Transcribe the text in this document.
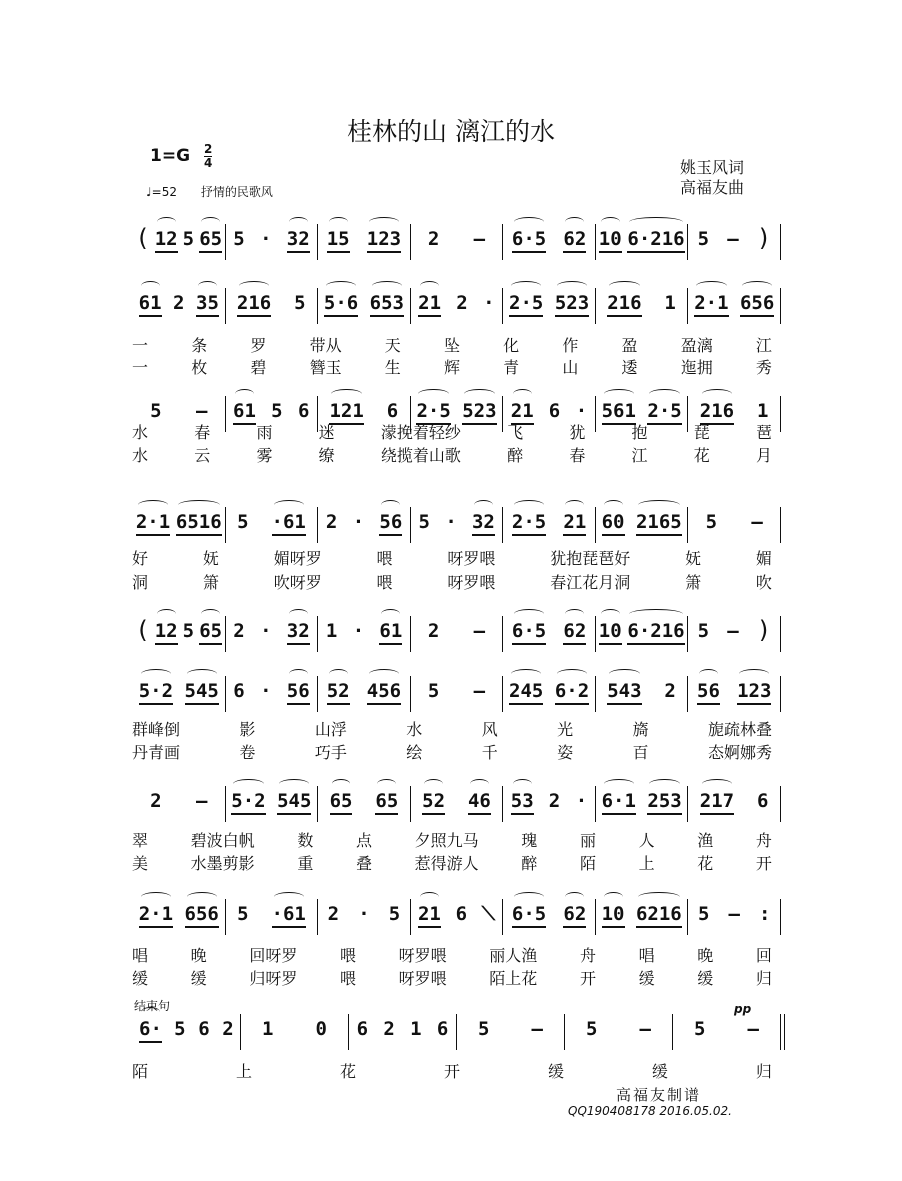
桂林的山 漓江的水
1=G 2
4
♩=52 抒情的民歌风
姚玉风词
高福友曲
( 12 5 65 5 · 32 15 123 2 – 6·5 62 10 6·216 5 – )
61 2 35 216 5 5·6 653 21 2 · 2·5 523 216 1 2·1 656
5 – 61 5 6 121 6 2·5 523 21 6 · 561 2·5 216 1
2·1 6516 5 ·61 2 · 56 5 · 32 2·5 21 60 2165 5 –
( 12 5 65 2 · 32 1 · 61 2 – 6·5 62 10 6·216 5 – )
5·2 545 6 · 56 52 456 5 – 245 6·2 543 2 56 123
2 – 5·2 545 65 65 52 46 53 2 · 6·1 253 217 6
2·1 656 5 ·61 2 · 5 21 6 ⟍ 6·5 62 10 6216 5 – :
6· 5 6 2 1 0 6 2 1 6 5 – 5 – 5 –
一	条	罗	带从	天	坠	化	作	盈	盈漓	江
一	枚	碧	簪玉	生	辉	青	山	逶	迤拥	秀
水	春	雨	迷	濛挽着轻纱	飞	犹	抱	琵	琶
水	云	雾	缭	绕揽着山歌	醉	春	江	花	月
好	妩	媚呀罗	喂	呀罗喂	犹抱琵琶好	妩	媚
洞	箫	吹呀罗	喂	呀罗喂	春江花月洞	箫	吹
群峰倒	影	山浮	水	风	光	旖	旎疏林叠
丹青画	卷	巧手	绘	千	姿	百	态婀娜秀
翠	碧波白帆	数	点	夕照九马	瑰	丽	人	渔	舟
美	水墨剪影	重	叠	惹得游人	醉	陌	上	花	开
唱	晚	回呀罗	喂	呀罗喂	丽人渔	舟	唱	晚	回
缓	缓	归呀罗	喂	呀罗喂	陌上花	开	缓	缓	归
陌	上	花	开	缓	缓	归
结束句	pp
高福友制谱
QQ190408178 2016.05.02.
